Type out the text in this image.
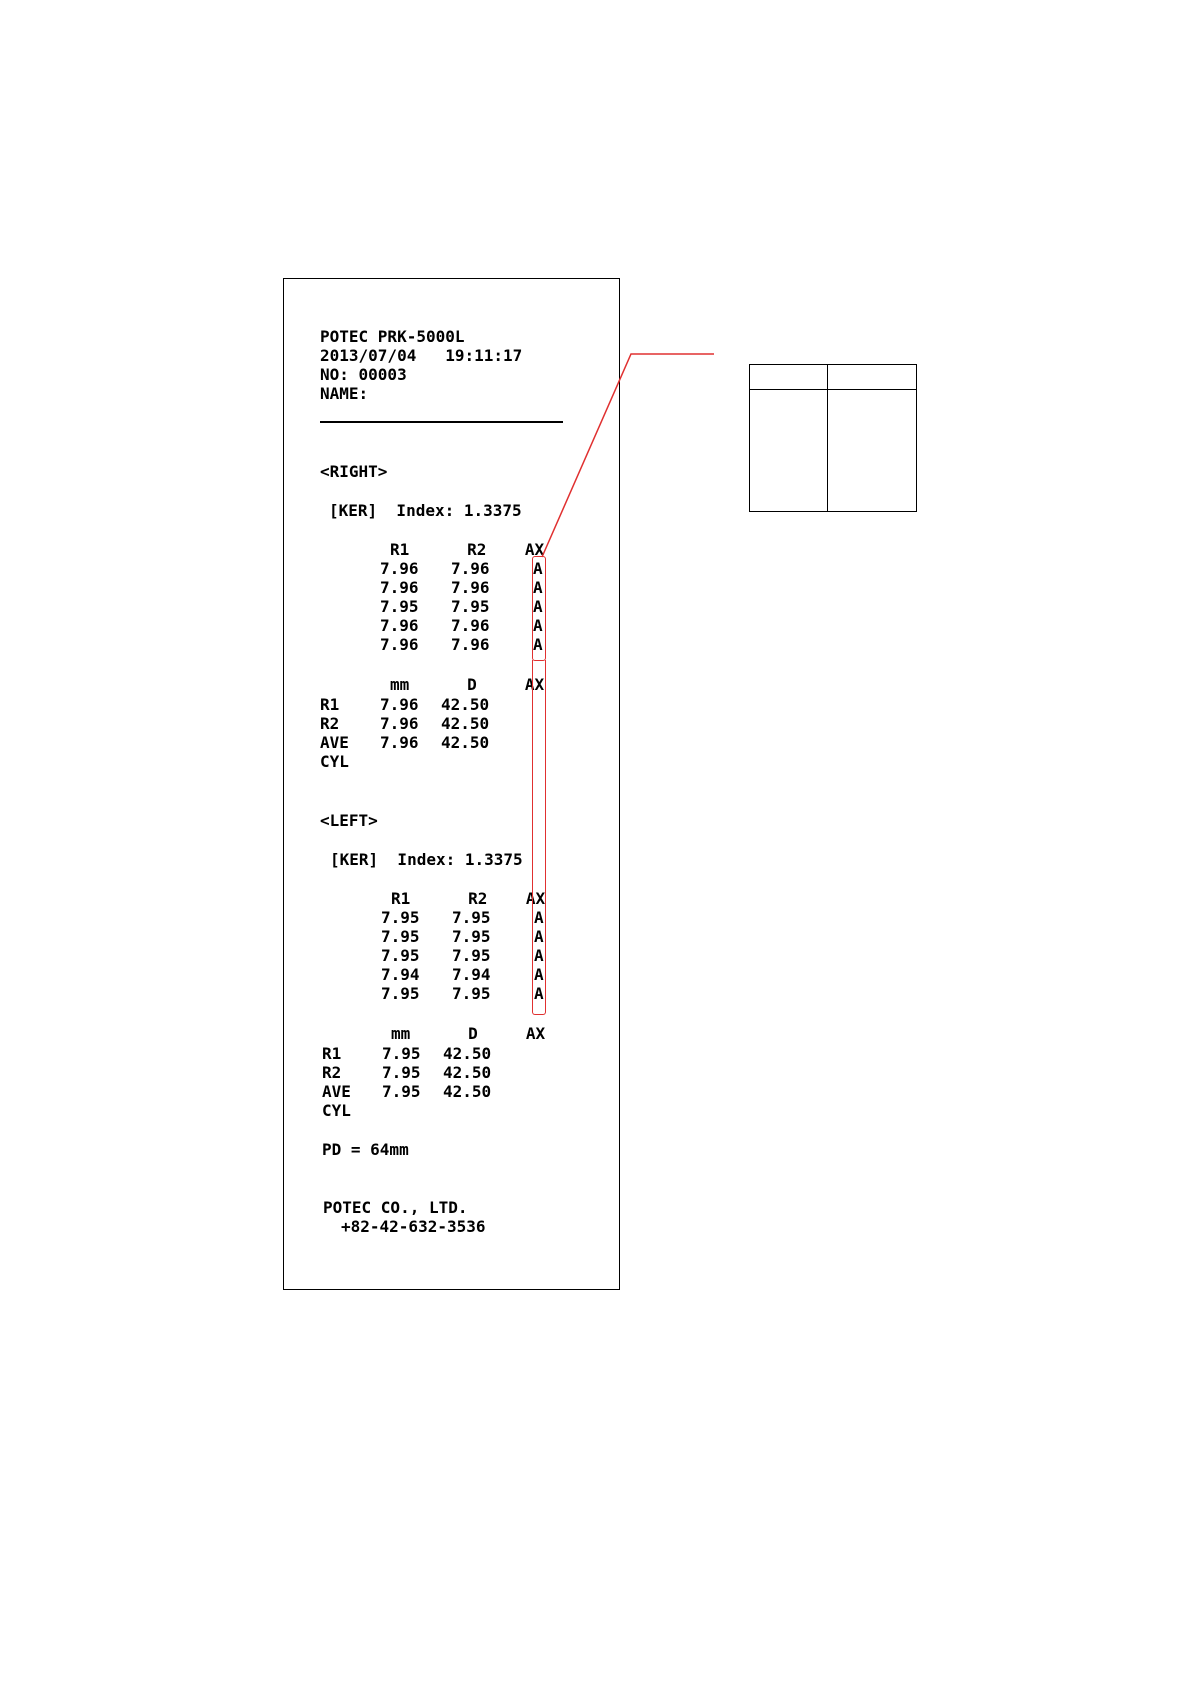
POTEC PRK-5000L
2013/07/04   19:11:17
NO: 00003
NAME:
<RIGHT>
[KER]  Index: 1.3375
R1      R2    AX
7.96 7.96	A
7.96 7.96	A
7.95 7.95	A
7.96 7.96	A
7.96 7.96	A
mm      D     AX
R1	7.96 42.50
R2	7.96 42.50
AVE 7.96 42.50
CYL
<LEFT>
[KER]  Index: 1.3375
R1      R2    AX
7.95 7.95	A
7.95 7.95	A
7.95 7.95	A
7.94 7.94	A
7.95 7.95	A
mm      D     AX
R1	7.95 42.50
R2	7.95 42.50
AVE 7.95 42.50
CYL
PD = 64mm
POTEC CO., LTD.
+82-42-632-3536
